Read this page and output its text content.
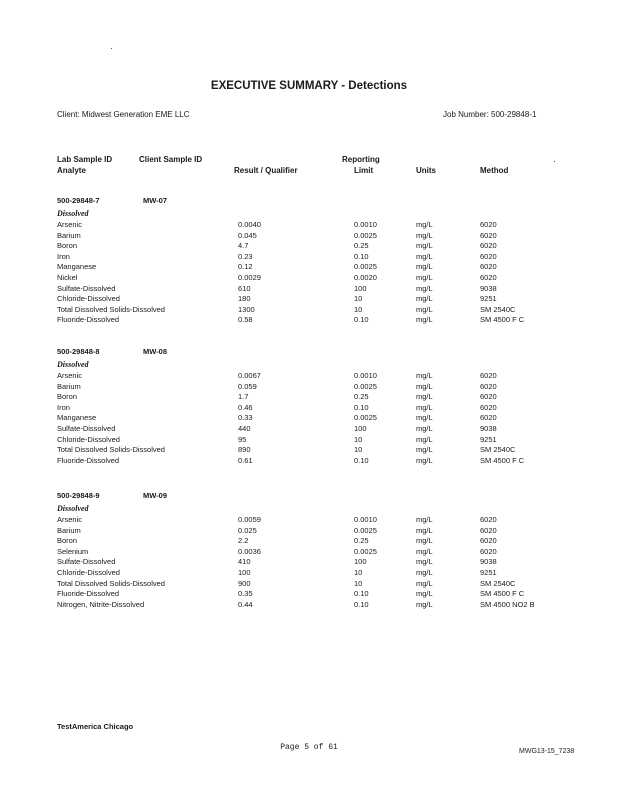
EXECUTIVE SUMMARY - Detections
Client: Midwest Generation EME LLC	Job Number: 500-29848-1
Lab Sample ID	Client Sample ID	Reporting
Analyte	Result / Qualifier	Limit	Units	Method
500-29848-7	MW-07
Dissolved
Arsenic	0.0040	0.0010	mg/L	6020
Barium	0.045	0.0025	mg/L	6020
Boron	4.7	0.25	mg/L	6020
Iron	0.23	0.10	mg/L	6020
Manganese	0.12	0.0025	mg/L	6020
Nickel	0.0029	0.0020	mg/L	6020
Sulfate-Dissolved	610	100	mg/L	9038
Chloride-Dissolved	180	10	mg/L	9251
Total Dissolved Solids-Dissolved	1300	10	mg/L	SM 2540C
Fluoride-Dissolved	0.58	0.10	mg/L	SM 4500 F C
500-29848-8	MW-08
Dissolved
Arsenic	0.0067	0.0010	mg/L	6020
Barium	0.059	0.0025	mg/L	6020
Boron	1.7	0.25	mg/L	6020
Iron	0.46	0.10	mg/L	6020
Manganese	0.33	0.0025	mg/L	6020
Sulfate-Dissolved	440	100	mg/L	9038
Chloride-Dissolved	95	10	mg/L	9251
Total Dissolved Solids-Dissolved	890	10	mg/L	SM 2540C
Fluoride-Dissolved	0.61	0.10	mg/L	SM 4500 F C
500-29848-9	MW-09
Dissolved
Arsenic	0.0059	0.0010	mg/L	6020
Barium	0.025	0.0025	mg/L	6020
Boron	2.2	0.25	mg/L	6020
Selenium	0.0036	0.0025	mg/L	6020
Sulfate-Dissolved	410	100	mg/L	9038
Chloride-Dissolved	100	10	mg/L	9251
Total Dissolved Solids-Dissolved	900	10	mg/L	SM 2540C
Fluoride-Dissolved	0.35	0.10	mg/L	SM 4500 F C
Nitrogen, Nitrite-Dissolved	0.44	0.10	mg/L	SM 4500 NO2 B
TestAmerica Chicago
Page 5 of 61	MWG13-15_7238
